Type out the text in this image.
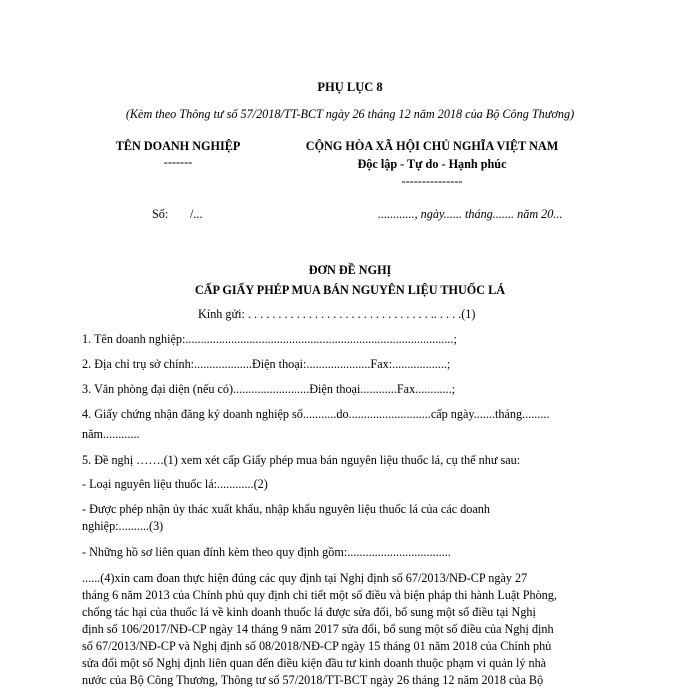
PHỤ LỤC 8
(Kèm theo Thông tư số 57/2018/TT-BCT ngày 26 tháng 12 năm 2018 của Bộ Công Thương)
TÊN DOANH NGHIỆP
-------
CỘNG HÒA XÃ HỘI CHỦ NGHĨA VIỆT NAM
Độc lập - Tự do - Hạnh phúc
---------------
Số: /...	............, ngày...... tháng....... năm 20...
ĐƠN ĐỀ NGHỊ
CẤP GIẤY PHÉP MUA BÁN NGUYÊN LIỆU THUỐC LÁ
Kính gửi: . . . . . . . . . . . . . . . . . . . . . . . . . . . . . . .. . . . .(1)
1. Tên doanh nghiệp:........................................................................................;
2. Địa chỉ trụ sở chính:...................Điện thoại:.....................Fax:..................;
3. Văn phòng đại diện (nếu có).........................Điện thoại............Fax............;
4. Giấy chứng nhận đăng ký doanh nghiệp số...........do...........................cấp ngày.......tháng.........
năm............
5. Đề nghị …….(1) xem xét cấp Giấy phép mua bán nguyên liệu thuốc lá, cụ thể như sau:
- Loại nguyên liệu thuốc lá:............(2)
- Được phép nhận ủy thác xuất khẩu, nhập khẩu nguyên liệu thuốc lá của các doanh
nghiệp:..........(3)
- Những hồ sơ liên quan đính kèm theo quy định gồm:..................................
......(4)xin cam đoan thực hiện đúng các quy định tại Nghị định số 67/2013/NĐ-CP ngày 27
tháng 6 năm 2013 của Chính phủ quy định chi tiết một số điều và biện pháp thi hành Luật Phòng,
chống tác hại của thuốc lá về kinh doanh thuốc lá được sửa đổi, bổ sung một số điều tại Nghị
định số 106/2017/NĐ-CP ngày 14 tháng 9 năm 2017 sửa đổi, bổ sung một số điều của Nghị định
số 67/2013/NĐ-CP và Nghị định số 08/2018/NĐ-CP ngày 15 tháng 01 năm 2018 của Chính phủ
sửa đổi một số Nghị định liên quan đến điều kiện đầu tư kinh doanh thuộc phạm vi quản lý nhà
nước của Bộ Công Thương, Thông tư số 57/2018/TT-BCT ngày 26 tháng 12 năm 2018 của Bộ
